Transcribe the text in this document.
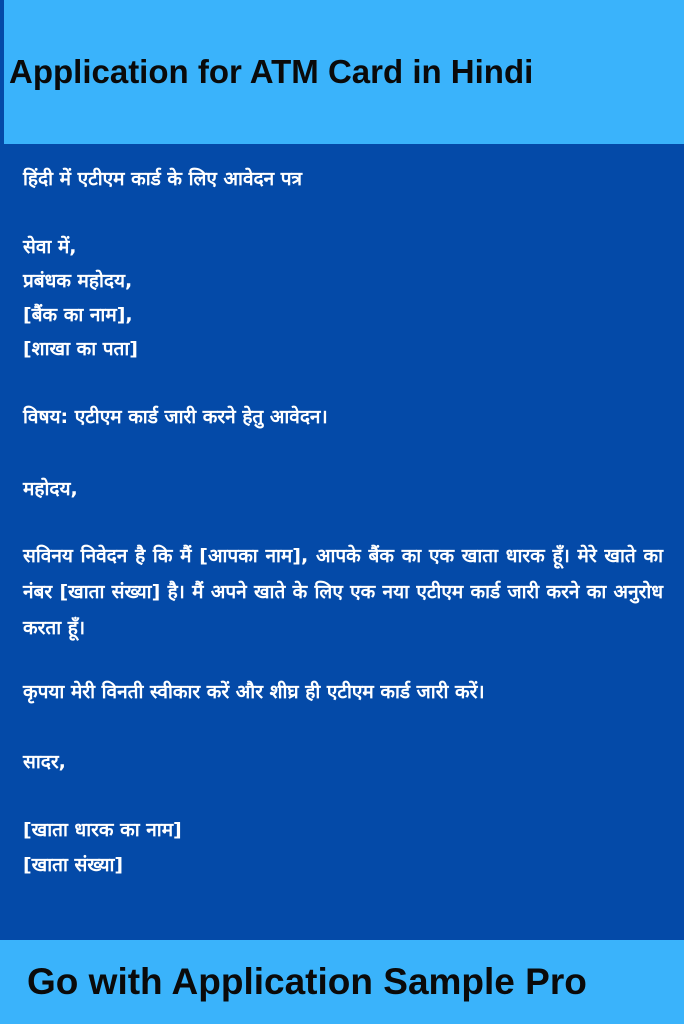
Application for ATM Card in Hindi
हिंदी में एटीएम कार्ड के लिए आवेदन पत्र
सेवा में,
प्रबंधक महोदय,
[बैंक का नाम],
[शाखा का पता]
विषय: एटीएम कार्ड जारी करने हेतु आवेदन।
महोदय,
सविनय निवेदन है कि मैं [आपका नाम], आपके बैंक का एक खाता धारक हूँ। मेरे खाते का नंबर [खाता संख्या] है। मैं अपने खाते के लिए एक नया एटीएम कार्ड जारी करने का अनुरोध करता हूँ।
कृपया मेरी विनती स्वीकार करें और शीघ्र ही एटीएम कार्ड जारी करें।
सादर,
[खाता धारक का नाम]
[खाता संख्या]

Go with Application Sample Pro
